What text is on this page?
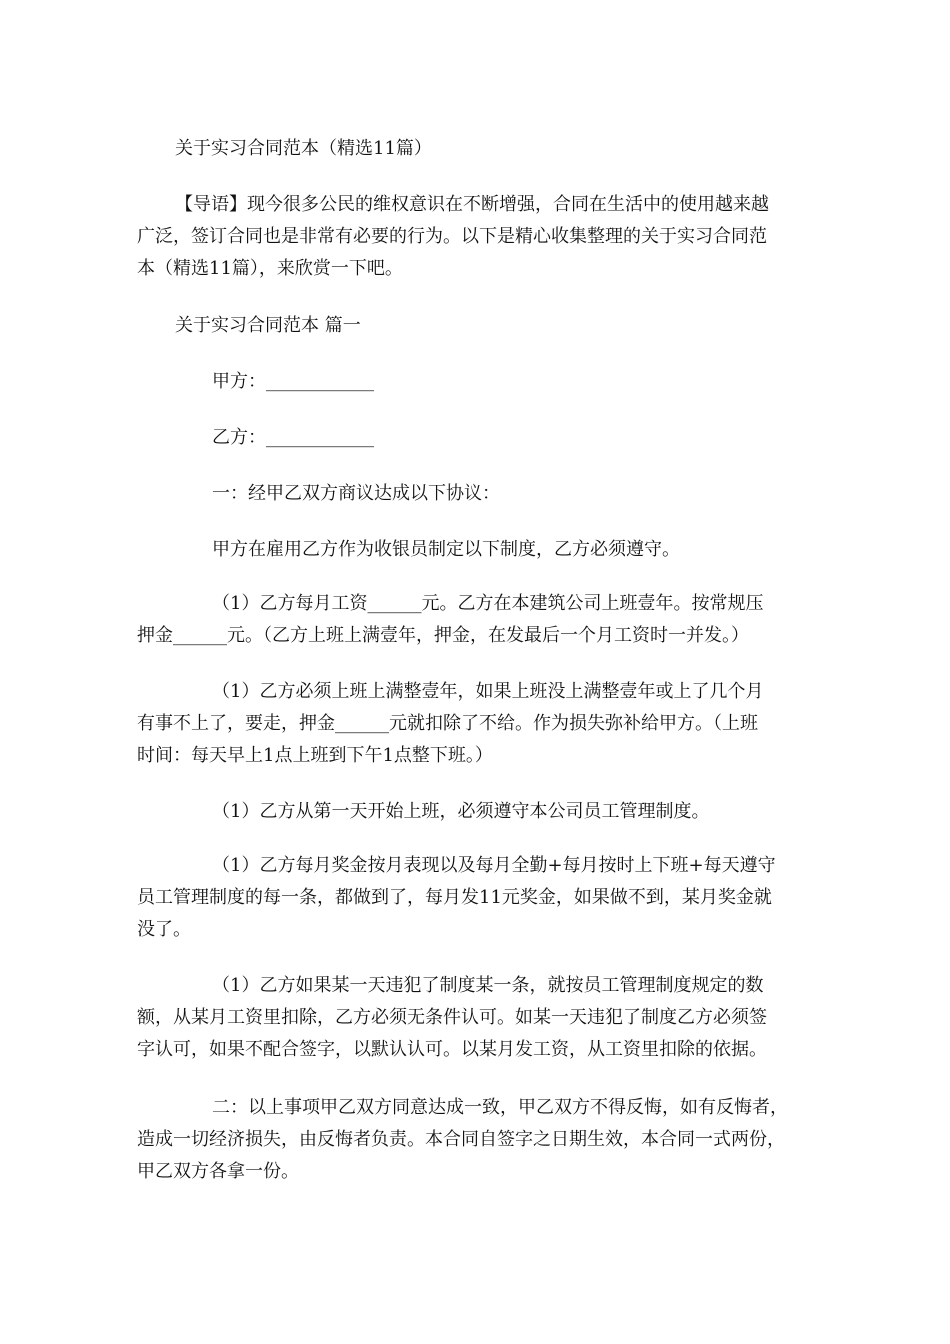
关于实习合同范本（精选11篇）
【导语】现今很多公民的维权意识在不断增强，合同在生活中的使用越来越
广泛，签订合同也是非常有必要的行为。以下是精心收集整理的关于实习合同范
本（精选11篇），来欣赏一下吧。
关于实习合同范本 篇一
甲方：____________
乙方：____________
一：经甲乙双方商议达成以下协议：
甲方在雇用乙方作为收银员制定以下制度，乙方必须遵守。
（1）乙方每月工资______元。乙方在本建筑公司上班壹年。按常规压
押金______元。（乙方上班上满壹年，押金，在发最后一个月工资时一并发。）
（1）乙方必须上班上满整壹年，如果上班没上满整壹年或上了几个月
有事不上了，要走，押金______元就扣除了不给。作为损失弥补给甲方。（上班
时间：每天早上1点上班到下午1点整下班。）
（1）乙方从第一天开始上班，必须遵守本公司员工管理制度。
（1）乙方每月奖金按月表现以及每月全勤+每月按时上下班+每天遵守
员工管理制度的每一条，都做到了，每月发11元奖金，如果做不到，某月奖金就
没了。
（1）乙方如果某一天违犯了制度某一条，就按员工管理制度规定的数
额，从某月工资里扣除，乙方必须无条件认可。如某一天违犯了制度乙方必须签
字认可，如果不配合签字，以默认认可。以某月发工资，从工资里扣除的依据。
二：以上事项甲乙双方同意达成一致，甲乙双方不得反悔，如有反悔者，
造成一切经济损失，由反悔者负责。本合同自签字之日期生效，本合同一式两份，
甲乙双方各拿一份。
